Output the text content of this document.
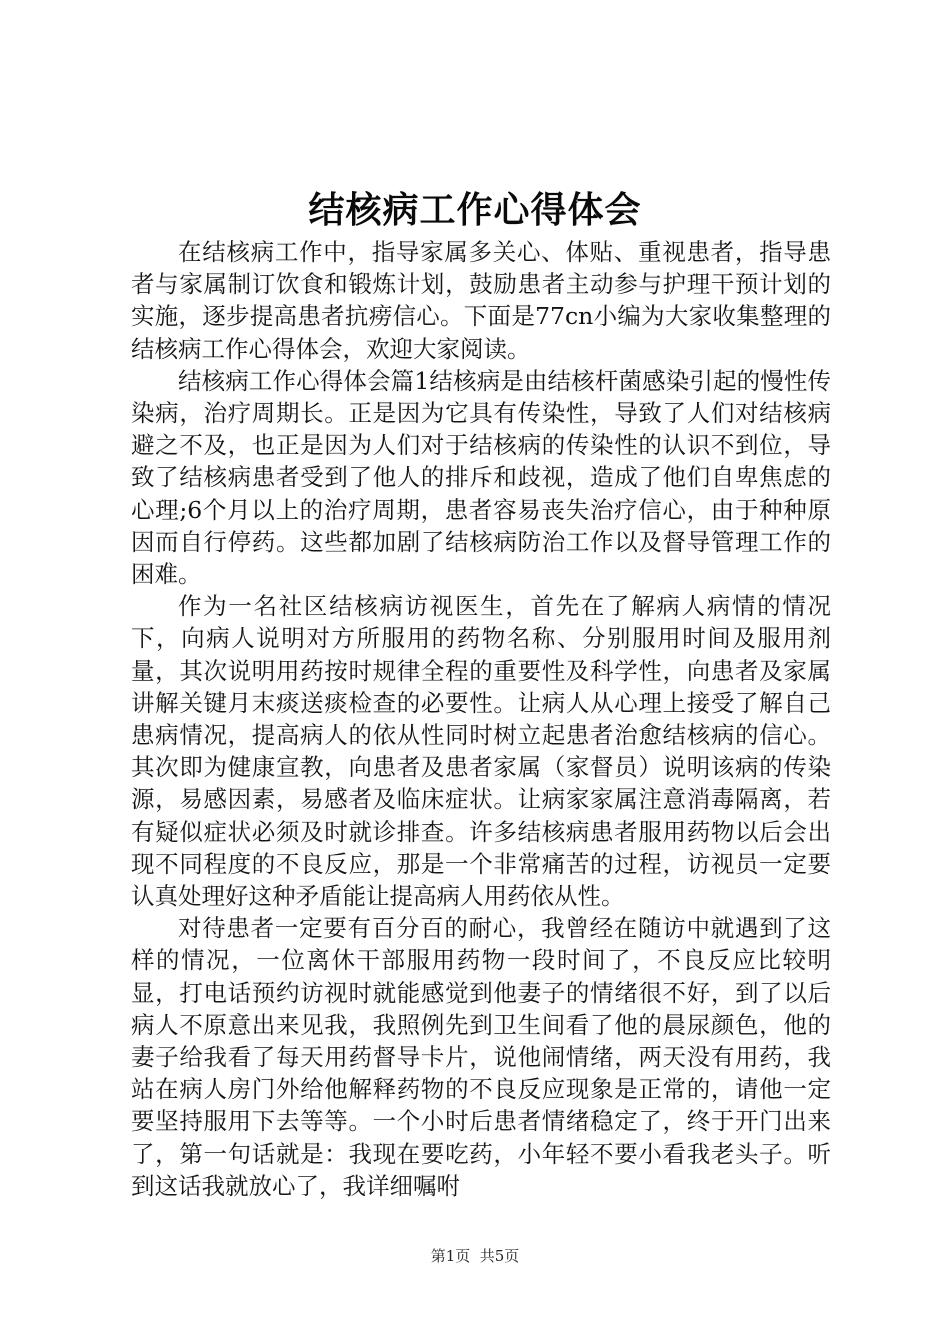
结核病工作心得体会

在结核病工作中，指导家属多关心、体贴、重视患者，指导患者与家属制订饮食和锻炼计划，鼓励患者主动参与护理干预计划的实施，逐步提高患者抗痨信心。下面是77cn小编为大家收集整理的结核病工作心得体会，欢迎大家阅读。

结核病工作心得体会篇1结核病是由结核杆菌感染引起的慢性传染病，治疗周期长。正是因为它具有传染性，导致了人们对结核病避之不及，也正是因为人们对于结核病的传染性的认识不到位，导致了结核病患者受到了他人的排斥和歧视，造成了他们自卑焦虑的心理;6个月以上的治疗周期，患者容易丧失治疗信心，由于种种原因而自行停药。这些都加剧了结核病防治工作以及督导管理工作的困难。

作为一名社区结核病访视医生，首先在了解病人病情的情况下，向病人说明对方所服用的药物名称、分别服用时间及服用剂量，其次说明用药按时规律全程的重要性及科学性，向患者及家属讲解关键月末痰送痰检查的必要性。让病人从心理上接受了解自己患病情况，提高病人的依从性同时树立起患者治愈结核病的信心。其次即为健康宣教，向患者及患者家属（家督员）说明该病的传染源，易感因素，易感者及临床症状。让病家家属注意消毒隔离，若有疑似症状必须及时就诊排查。许多结核病患者服用药物以后会出现不同程度的不良反应，那是一个非常痛苦的过程，访视员一定要认真处理好这种矛盾能让提高病人用药依从性。

对待患者一定要有百分百的耐心，我曾经在随访中就遇到了这样的情况，一位离休干部服用药物一段时间了，不良反应比较明显，打电话预约访视时就能感觉到他妻子的情绪很不好，到了以后病人不原意出来见我，我照例先到卫生间看了他的晨尿颜色，他的妻子给我看了每天用药督导卡片，说他闹情绪，两天没有用药，我站在病人房门外给他解释药物的不良反应现象是正常的，请他一定要坚持服用下去等等。一个小时后患者情绪稳定了，终于开门出来了，第一句话就是：我现在要吃药，小年轻不要小看我老头子。听到这话我就放心了，我详细嘱咐

第1页  共5页
